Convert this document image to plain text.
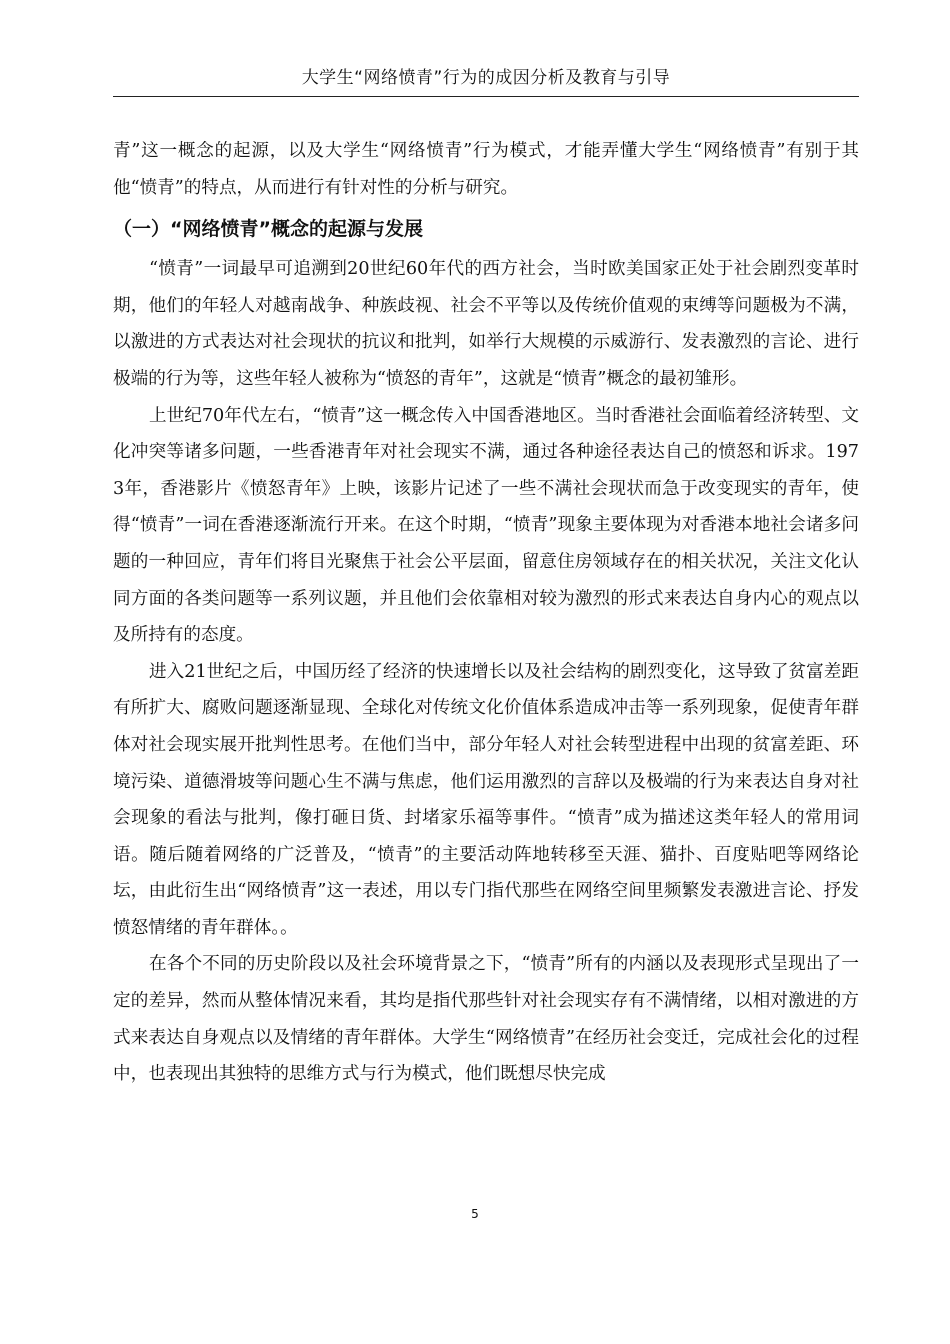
大学生“网络愤青”行为的成因分析及教育与引导

青”这一概念的起源，以及大学生“网络愤青”行为模式，才能弄懂大学生“网络愤青”有别于其他“愤青”的特点，从而进行有针对性的分析与研究。

（一）“网络愤青”概念的起源与发展

“愤青”一词最早可追溯到20世纪60年代的西方社会，当时欧美国家正处于社会剧烈变革时期，他们的年轻人对越南战争、种族歧视、社会不平等以及传统价值观的束缚等问题极为不满，以激进的方式表达对社会现状的抗议和批判，如举行大规模的示威游行、发表激烈的言论、进行极端的行为等，这些年轻人被称为“愤怒的青年”，这就是“愤青”概念的最初雏形。

上世纪70年代左右，“愤青”这一概念传入中国香港地区。当时香港社会面临着经济转型、文化冲突等诸多问题，一些香港青年对社会现实不满，通过各种途径表达自己的愤怒和诉求。1973年，香港影片《愤怒青年》上映，该影片记述了一些不满社会现状而急于改变现实的青年，使得“愤青”一词在香港逐渐流行开来。在这个时期，“愤青”现象主要体现为对香港本地社会诸多问题的一种回应，青年们将目光聚焦于社会公平层面，留意住房领域存在的相关状况，关注文化认同方面的各类问题等一系列议题，并且他们会依靠相对较为激烈的形式来表达自身内心的观点以及所持有的态度。

进入21世纪之后，中国历经了经济的快速增长以及社会结构的剧烈变化，这导致了贫富差距有所扩大、腐败问题逐渐显现、全球化对传统文化价值体系造成冲击等一系列现象，促使青年群体对社会现实展开批判性思考。在他们当中，部分年轻人对社会转型进程中出现的贫富差距、环境污染、道德滑坡等问题心生不满与焦虑，他们运用激烈的言辞以及极端的行为来表达自身对社会现象的看法与批判，像打砸日货、封堵家乐福等事件。“愤青”成为描述这类年轻人的常用词语。随后随着网络的广泛普及，“愤青”的主要活动阵地转移至天涯、猫扑、百度贴吧等网络论坛，由此衍生出“网络愤青”这一表述，用以专门指代那些在网络空间里频繁发表激进言论、抒发愤怒情绪的青年群体。。

在各个不同的历史阶段以及社会环境背景之下，“愤青”所有的内涵以及表现形式呈现出了一定的差异，然而从整体情况来看，其均是指代那些针对社会现实存有不满情绪，以相对激进的方式来表达自身观点以及情绪的青年群体。大学生“网络愤青”在经历社会变迁，完成社会化的过程中，也表现出其独特的思维方式与行为模式，他们既想尽快完成

5
